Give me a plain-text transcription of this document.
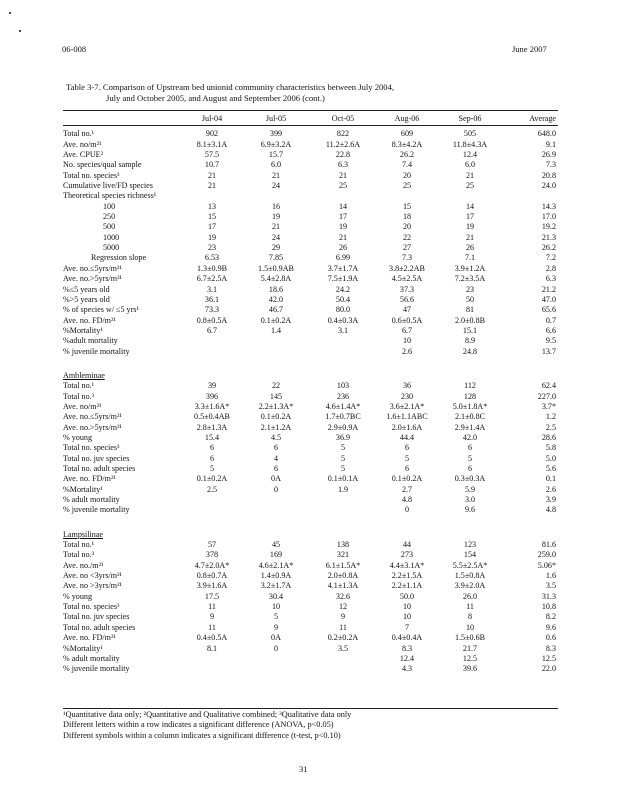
06-008	June 2007
Table 3-7. Comparison of Upstream bed unionid community characteristics between July 2004,
July and October 2005, and August and September 2006 (cont.)

	Jul-04	Jul-05	Oct-05	Aug-06	Sep-06	Average

Total no.¹	902	399	822	609	505	648.0
Ave. no/m²¹	8.1±3.1A	6.9±3.2A	11.2±2.6A	8.3±4.2A	11.8±4.3A	9.1
Ave. CPUE²	57.5	15.7	22.8	26.2	12.4	26.9
No. species/qual sample	10.7	6.0	6.3	7.4	6.0	7.3
Total no. species³	21	21	21	20	21	20.8
Cumulative live/FD species	21	24	25	25	25	24.0
Theoretical species richness¹						
100	13	16	14	15	14	14.3
250	15	19	17	18	17	17.0
500	17	21	19	20	19	19.2
1000	19	24	21	22	21	21.3
5000	23	29	26	27	26	26.2
Regression slope	6.53	7.85	6.99	7.3	7.1	7.2
Ave. no.≤5yrs/m²¹	1.3±0.9B	1.5±0.9AB	3.7±1.7A	3.8±2.2AB	3.9±1.2A	2.8
Ave. no.>5yrs/m²¹	6.7±2.5A	5.4±2.8A	7.5±1.9A	4.5±2.5A	7.2±3.5A	6.3
%≤5 years old	3.1	18.6	24.2	37.3	23	21.2
%>5 years old	36.1	42.0	50.4	56.6	50	47.0
% of species w/ ≤5 yrs¹	73.3	46.7	80.0	47	81	65.6
Ave. no. FD/m²¹	0.8±0.5A	0.1±0.2A	0.4±0.3A	0.6±0.5A	2.0±0.8B	0.7
%Mortality¹	6.7	1.4	3.1	6.7	15.1	6.6
%adult mortality				10	8.9	9.5
% juvenile mortality				2.6	24.8	13.7

Ambleminae						
Total no.¹	39	22	103	36	112	62.4
Total no.³	396	145	236	230	128	227.0
Ave. no/m²¹	3.3±1.6A*	2.2±1.3A*	4.6±1.4A*	3.6±2.1A*	5.0±1.8A*	3.7*
Ave. no.≤5yrs/m²¹	0.5±0.4AB	0.1±0.2A	1.7±0.7BC	1.6±1.1ABC	2.1±0.8C	1.2
Ave. no.>5yrs/m²¹	2.8±1.3A	2.1±1.2A	2.9±0.9A	2.0±1.6A	2.9±1.4A	2.5
% young	15.4	4.5	36.9	44.4	42.0	28.6
Total no. species³	6	6	5	6	6	5.8
Total no. juv species	6	4	5	5	5	5.0
Total no. adult species	5	6	5	6	6	5.6
Ave. no. FD/m²¹	0.1±0.2A	0A	0.1±0.1A	0.1±0.2A	0.3±0.3A	0.1
%Mortality¹	2.5	0	1.9	2.7	5.9	2.6
% adult mortality				4.8	3.0	3.9
% juvenile mortality				0	9.6	4.8

Lampsilinae						
Total no.¹	57	45	138	44	123	81.6
Total no.³	378	169	321	273	154	259.0
Ave. no./m²¹	4.7±2.0A*	4.6±2.1A*	6.1±1.5A*	4.4±3.1A*	5.5±2.5A*	5.06*
Ave. no <3yrs/m²¹	0.8±0.7A	1.4±0.9A	2.0±0.8A	2.2±1.5A	1.5±0.8A	1.6
Ave. no >3yrs/m²¹	3.9±1.6A	3.2±1.7A	4.1±1.3A	2.2±1.1A	3.9±2.0A	3.5
% young	17.5	30.4	32.6	50.0	26.0	31.3
Total no. species³	11	10	12	10	11	10.8
Total no. juv species	9	5	9	10	8	8.2
Total no. adult species	11	9	11	7	10	9.6
Ave. no. FD/m²¹	0.4±0.5A	0A	0.2±0.2A	0.4±0.4A	1.5±0.6B	0.6
%Mortality¹	8.1	0	3.5	8.3	21.7	8.3
% adult mortality				12.4	12.5	12.5
% juvenile mortality				4.3	39.6	22.0
¹Quantitative data only; ²Quantitative and Qualitative combined; ³Qualitative data only
Different letters within a row indicates a significant difference (ANOVA, p<0.05)
Different symbols within a column indicates a significant difference (t-test, p<0.10)
31
